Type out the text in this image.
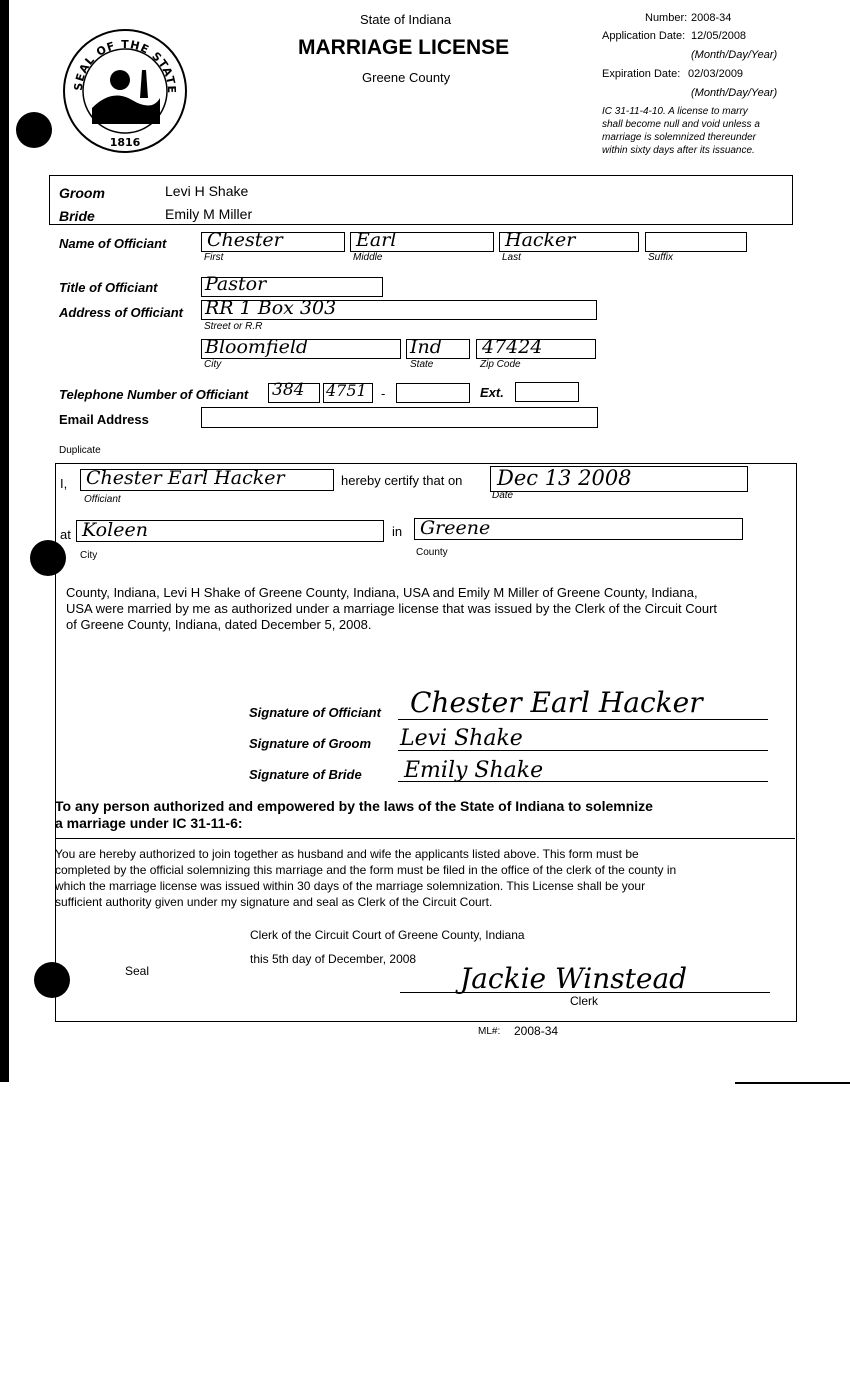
SEAL OF THE STATE
1816
State of Indiana
MARRIAGE LICENSE
Greene County
Number: 2008-34
Application Date: 12/05/2008
(Month/Day/Year)
Expiration Date: 02/03/2009
(Month/Day/Year)
IC 31-11-4-10. A license to marry
shall become null and void unless a
marriage is solemnized thereunder
within sixty days after its issuance.
Groom	Levi H Shake
Bride	Emily M Miller
Name of Officiant Chester
First
Earl
Middle
Hacker
Last	Suffix
Title of Officiant	Pastor
Address of Officiant RR 1 Box 303
Street or R.R
Bloomfield
City
Ind
State
47424
Zip Code
Telephone Number of Officiant 384 4751 -	Ext.
Email Address
Duplicate
I, Chester Earl Hacker
Officiant
hereby certify that on Dec 13 2008
Date
at Koleen
City
in Greene
County
County, Indiana, Levi H Shake of Greene County, Indiana, USA and Emily M Miller of Greene County, Indiana,
USA were married by me as authorized under a marriage license that was issued by the Clerk of the Circuit Court
of Greene County, Indiana, dated December 5, 2008.
Signature of Officiant Chester Earl Hacker
Signature of Groom Levi Shake
Signature of Bride Emily Shake
To any person authorized and empowered by the laws of the State of Indiana to solemnize
a marriage under IC 31-11-6:
You are hereby authorized to join together as husband and wife the applicants listed above. This form must be
completed by the official solemnizing this marriage and the form must be filed in the office of the clerk of the county in
which the marriage license was issued within 30 days of the marriage solemnization. This License shall be your
sufficient authority given under my signature and seal as Clerk of the Circuit Court.
Clerk of the Circuit Court of Greene County, Indiana
this 5th day of December, 2008
Seal	Jackie Winstead
Clerk
ML#: 2008-34
